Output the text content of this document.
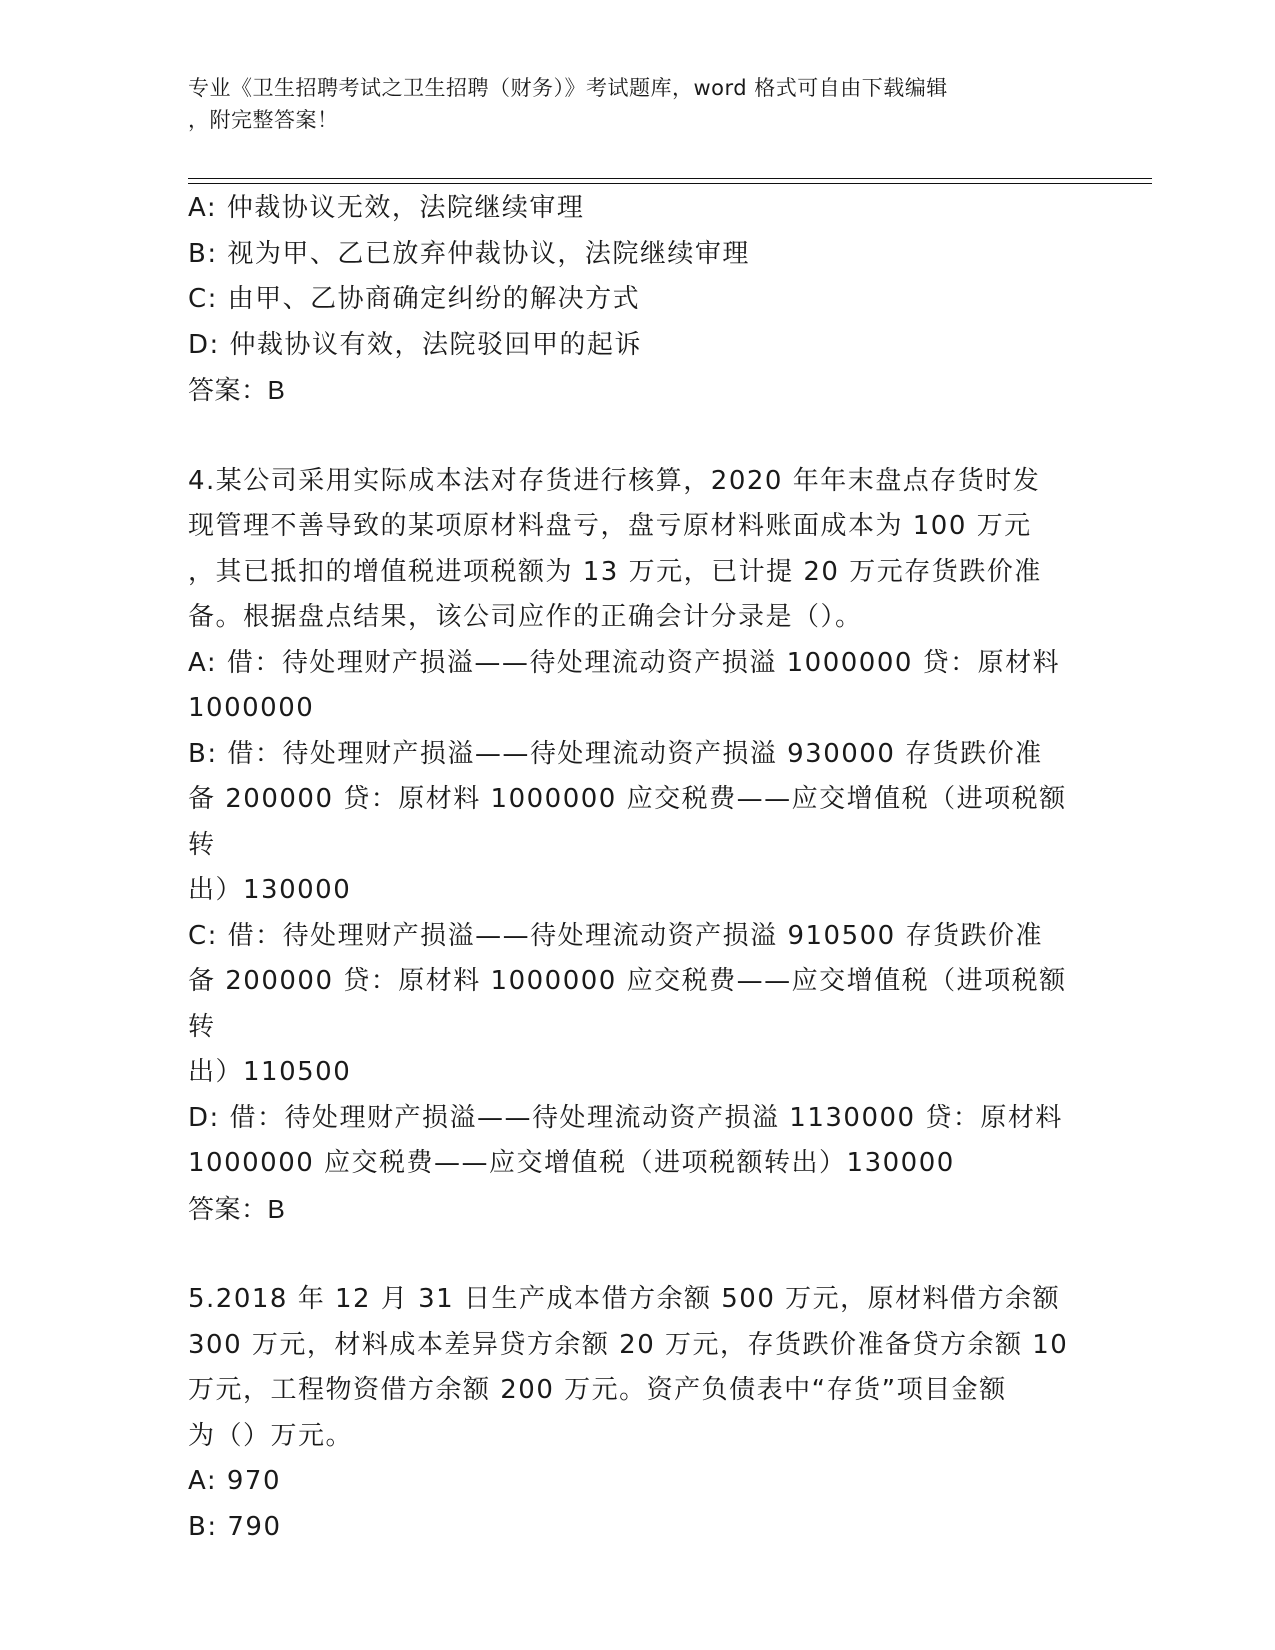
专业《卫生招聘考试之卫生招聘（财务）》考试题库，word 格式可自由下载编辑
，附完整答案！
A: 仲裁协议无效，法院继续审理
B: 视为甲、乙已放弃仲裁协议，法院继续审理
C: 由甲、乙协商确定纠纷的解决方式
D: 仲裁协议有效，法院驳回甲的起诉
答案：B
4.某公司采用实际成本法对存货进行核算，2020 年年末盘点存货时发
现管理不善导致的某项原材料盘亏，盘亏原材料账面成本为 100 万元
，其已抵扣的增值税进项税额为 13 万元，已计提 20 万元存货跌价准
备。根据盘点结果，该公司应作的正确会计分录是（）。
A: 借：待处理财产损溢——待处理流动资产损溢 1000000 贷：原材料
1000000
B: 借：待处理财产损溢——待处理流动资产损溢 930000 存货跌价准
备 200000 贷：原材料 1000000 应交税费——应交增值税（进项税额转
出）130000
C: 借：待处理财产损溢——待处理流动资产损溢 910500 存货跌价准
备 200000 贷：原材料 1000000 应交税费——应交增值税（进项税额转
出）110500
D: 借：待处理财产损溢——待处理流动资产损溢 1130000 贷：原材料
1000000 应交税费——应交增值税（进项税额转出）130000
答案：B
5.2018 年 12 月 31 日生产成本借方余额 500 万元，原材料借方余额
300 万元，材料成本差异贷方余额 20 万元，存货跌价准备贷方余额 10
万元，工程物资借方余额 200 万元。资产负债表中“存货”项目金额
为（）万元。
A: 970
B: 790
